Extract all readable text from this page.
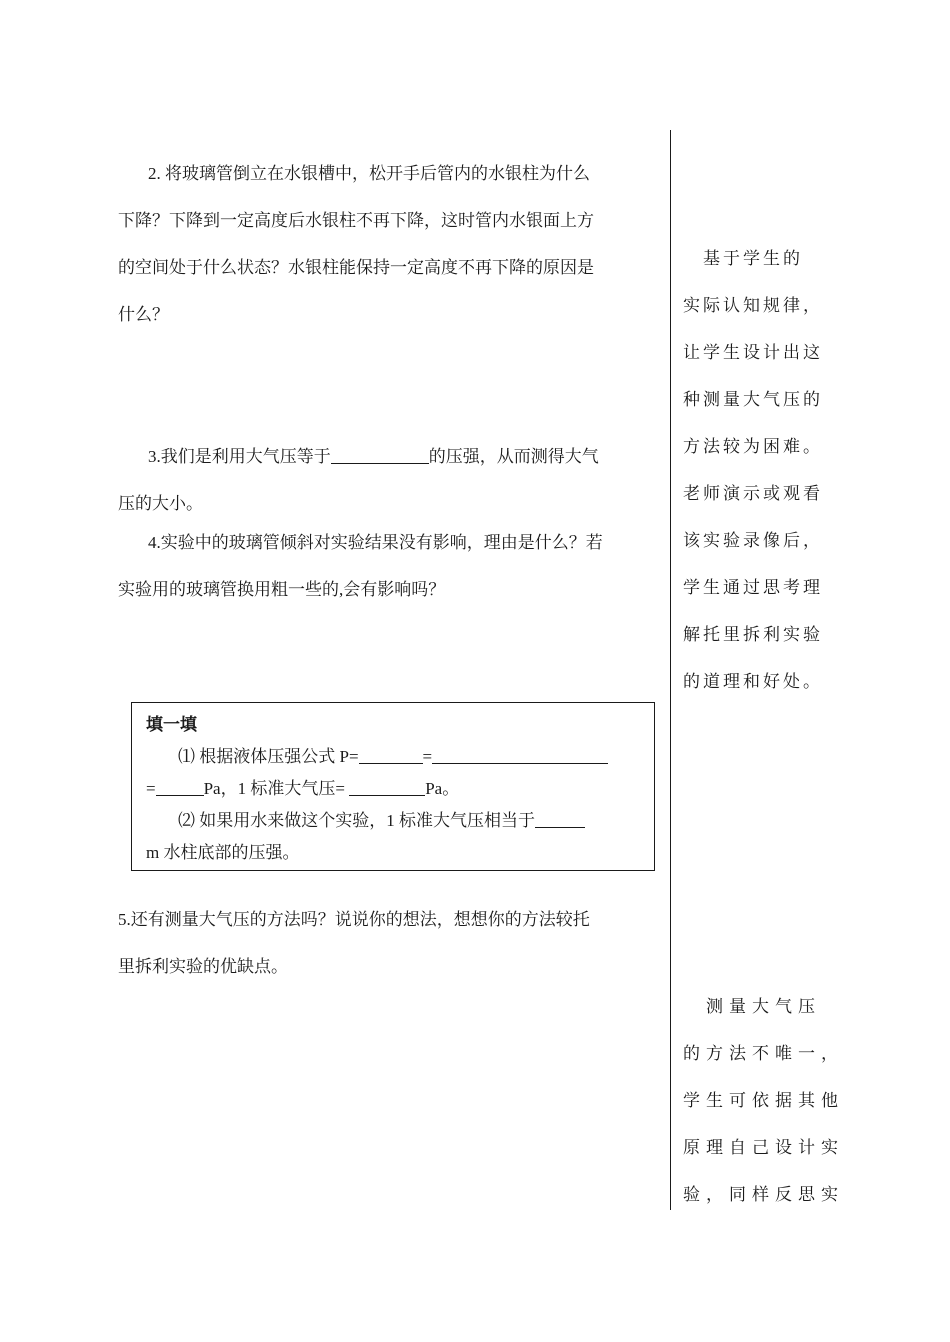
2. 将玻璃管倒立在水银槽中，松开手后管内的水银柱为什么

下降？下降到一定高度后水银柱不再下降，这时管内水银面上方

的空间处于什么状态？水银柱能保持一定高度不再下降的原因是

什么？

3.我们是利用大气压等于	的压强，从而测得大气

压的大小。

4.实验中的玻璃管倾斜对实验结果没有影响，理由是什么？若

实验用的玻璃管换用粗一些的,会有影响吗？

填一填

⑴ 根据液体压强公式 P=	=

=	Pa，1 标准大气压=	Pa。

⑵ 如果用水来做这个实验，1 标准大气压相当于

m 水柱底部的压强。

5.还有测量大气压的方法吗？说说你的想法，想想你的方法较托

里拆利实验的优缺点。

　基于学生的
实际认知规律，
让学生设计出这
种测量大气压的
方法较为困难。
老师演示或观看
该实验录像后，
学生通过思考理
解托里拆利实验
的道理和好处。
　测量大气压
的方法不唯一，
学生可依据其他
原理自己设计实
验，同样反思实
